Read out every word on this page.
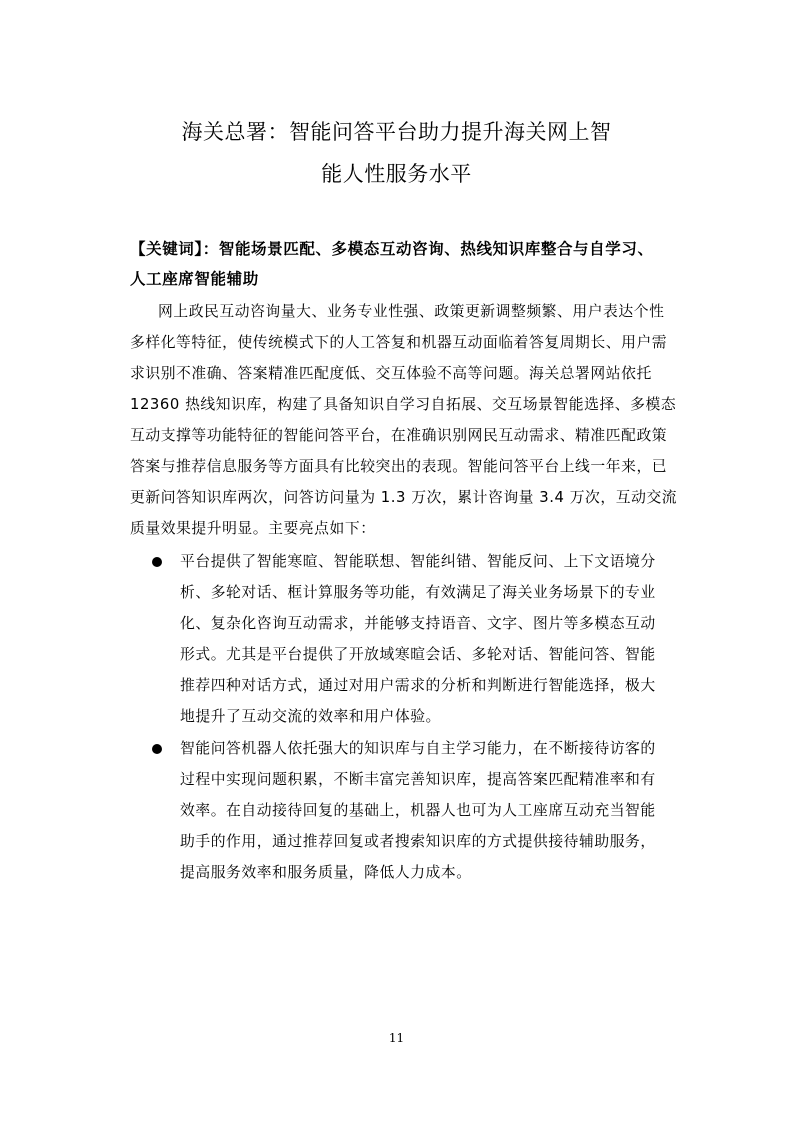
海关总署：智能问答平台助力提升海关网上智
能人性服务水平
【关键词】：智能场景匹配、多模态互动咨询、热线知识库整合与自学习、
人工座席智能辅助
网上政民互动咨询量大、业务专业性强、政策更新调整频繁、用户表达个性
多样化等特征，使传统模式下的人工答复和机器互动面临着答复周期长、用户需
求识别不准确、答案精准匹配度低、交互体验不高等问题。海关总署网站依托
12360 热线知识库，构建了具备知识自学习自拓展、交互场景智能选择、多模态
互动支撑等功能特征的智能问答平台，在准确识别网民互动需求、精准匹配政策
答案与推荐信息服务等方面具有比较突出的表现。智能问答平台上线一年来，已
更新问答知识库两次，问答访问量为 1.3 万次，累计咨询量 3.4 万次，互动交流
质量效果提升明显。主要亮点如下：
平台提供了智能寒暄、智能联想、智能纠错、智能反问、上下文语境分
析、多轮对话、框计算服务等功能，有效满足了海关业务场景下的专业
化、复杂化咨询互动需求，并能够支持语音、文字、图片等多模态互动
形式。尤其是平台提供了开放域寒暄会话、多轮对话、智能问答、智能
推荐四种对话方式，通过对用户需求的分析和判断进行智能选择，极大
地提升了互动交流的效率和用户体验。
智能问答机器人依托强大的知识库与自主学习能力，在不断接待访客的
过程中实现问题积累，不断丰富完善知识库，提高答案匹配精准率和有
效率。在自动接待回复的基础上，机器人也可为人工座席互动充当智能
助手的作用，通过推荐回复或者搜索知识库的方式提供接待辅助服务，
提高服务效率和服务质量，降低人力成本。
11
